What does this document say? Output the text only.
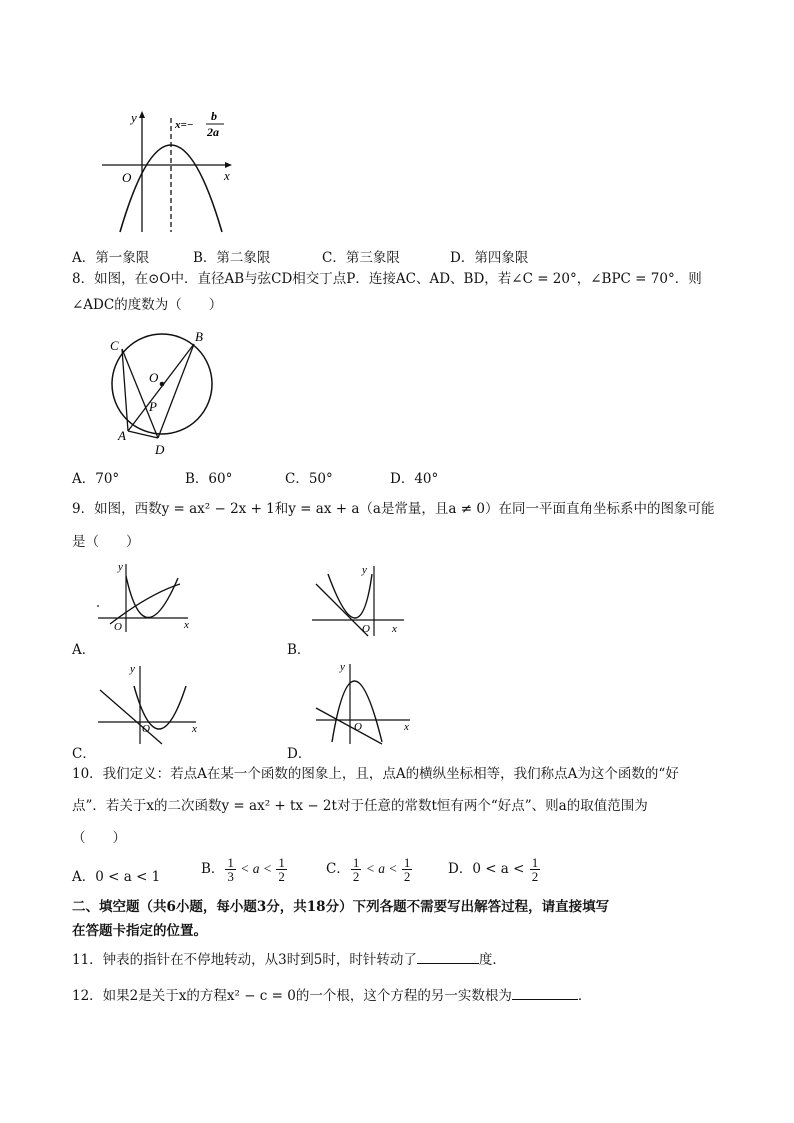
y
x
O
x=−
b
2a
A．第一象限	B．第二象限	C．第三象限	D．第四象限
8．如图，在⊙O中．直径AB与弦CD相交丁点P．连接AC、AD、BD，若∠C = 20°，∠BPC = 70°．则
∠ADC的度数为（　　）
C
B
O
P
A
D
A．70°	B．60°	C．50°	D．40°
9．如图，西数y = ax² − 2x + 1和y = ax + a（a是常量，且a ≠ 0）在同一平面直角坐标系中的图象可能
是（　　）
y
x
O
A．
y
x
O
B．
y
x
O
C．
y
x
O
D．
10．我们定义：若点A在某一个函数的图象上，且，点A的横纵坐标相等，我们称点A为这个函数的“好
点”．若关于x的二次函数y = ax² + tx − 2t对于任意的常数t恒有两个“好点”、则a的取值范围为
（　　）
A．0 < a < 1	B． $\frac{1}{3} < a < \frac{1}{2}$	C． $\frac{1}{2} < a < \frac{1}{2}$	D．$0 < a < \frac{1}{2}$
二、填空题（共6小题，每小题3分，共18分）下列各题不需要写出解答过程，请直接填写
在答题卡指定的位置。
11．钟表的指针在不停地转动，从3时到5时，时针转动了	度．
12．如果2是关于x的方程x² − c = 0的一个根，这个方程的另一实数根为	．
